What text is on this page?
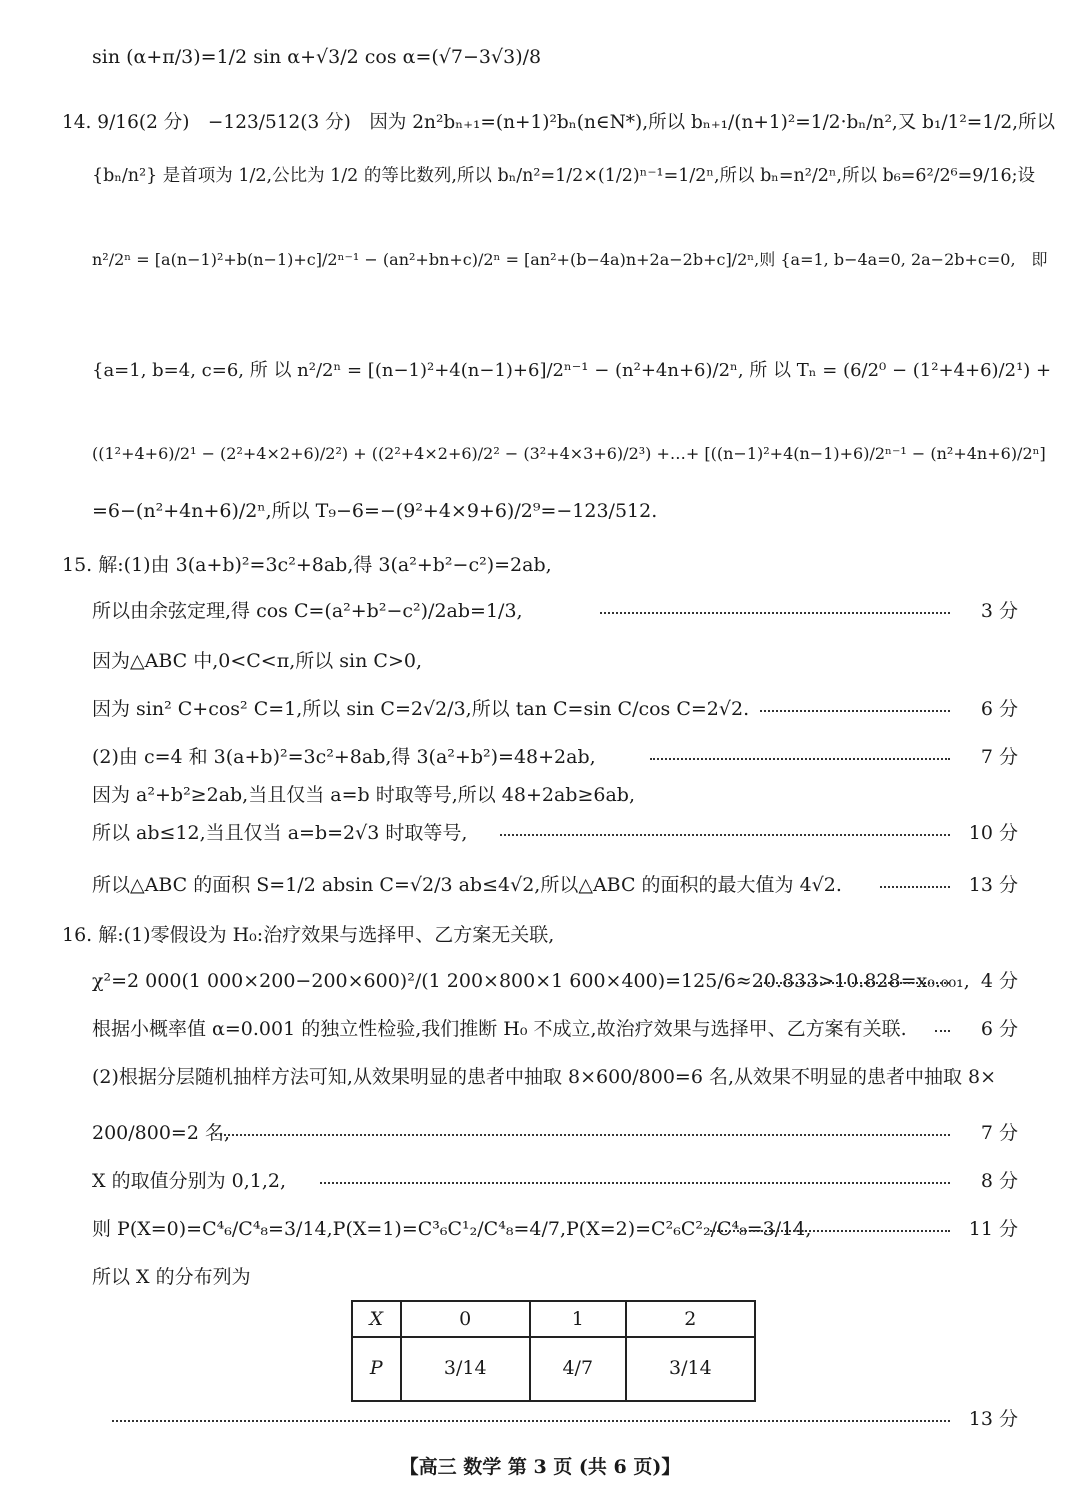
sin (α+π/3)=1/2 sin α+√3/2 cos α=(√7−3√3)/8
14. 9/16(2 分)　−123/512(3 分)　因为 2n²bₙ₊₁=(n+1)²bₙ(n∈N*),所以 bₙ₊₁/(n+1)²=1/2·bₙ/n²,又 b₁/1²=1/2,所以
{bₙ/n²} 是首项为 1/2,公比为 1/2 的等比数列,所以 bₙ/n²=1/2×(1/2)ⁿ⁻¹=1/2ⁿ,所以 bₙ=n²/2ⁿ,所以 b₆=6²/2⁶=9/16;设
n²/2ⁿ = [a(n−1)²+b(n−1)+c]/2ⁿ⁻¹ − (an²+bn+c)/2ⁿ = [an²+(b−4a)n+2a−2b+c]/2ⁿ,则 {a=1, b−4a=0, 2a−2b+c=0,　即
{a=1, b=4, c=6, 所 以 n²/2ⁿ = [(n−1)²+4(n−1)+6]/2ⁿ⁻¹ − (n²+4n+6)/2ⁿ, 所 以 Tₙ = (6/2⁰ − (1²+4+6)/2¹) +
((1²+4+6)/2¹ − (2²+4×2+6)/2²) + ((2²+4×2+6)/2² − (3²+4×3+6)/2³) +…+ [((n−1)²+4(n−1)+6)/2ⁿ⁻¹ − (n²+4n+6)/2ⁿ]
=6−(n²+4n+6)/2ⁿ,所以 T₉−6=−(9²+4×9+6)/2⁹=−123/512.
15. 解:(1)由 3(a+b)²=3c²+8ab,得 3(a²+b²−c²)=2ab,
所以由余弦定理,得 cos C=(a²+b²−c²)/2ab=1/3,	3 分
因为△ABC 中,0<C<π,所以 sin C>0,
因为 sin² C+cos² C=1,所以 sin C=2√2/3,所以 tan C=sin C/cos C=2√2.	6 分
(2)由 c=4 和 3(a+b)²=3c²+8ab,得 3(a²+b²)=48+2ab,	7 分
因为 a²+b²≥2ab,当且仅当 a=b 时取等号,所以 48+2ab≥6ab,
所以 ab≤12,当且仅当 a=b=2√3 时取等号,	10 分
所以△ABC 的面积 S=1/2 absin C=√2/3 ab≤4√2,所以△ABC 的面积的最大值为 4√2.	13 分
16. 解:(1)零假设为 H₀:治疗效果与选择甲、乙方案无关联,
χ²=2 000(1 000×200−200×600)²/(1 200×800×1 600×400)=125/6≈20.833>10.828=x₀.₀₀₁, 4 分
根据小概率值 α=0.001 的独立性检验,我们推断 H₀ 不成立,故治疗效果与选择甲、乙方案有关联.	6 分
(2)根据分层随机抽样方法可知,从效果明显的患者中抽取 8×600/800=6 名,从效果不明显的患者中抽取 8×
200/800=2 名,	7 分
X 的取值分别为 0,1,2,	8 分
则 P(X=0)=C⁴₆/C⁴₈=3/14,P(X=1)=C³₆C¹₂/C⁴₈=4/7,P(X=2)=C²₆C²₂/C⁴₈=3/14,	11 分
所以 X 的分布列为
X	0	1	2
P	3/14	4/7	3/14
13 分
【高三 数学 第 3 页 (共 6 页)】
